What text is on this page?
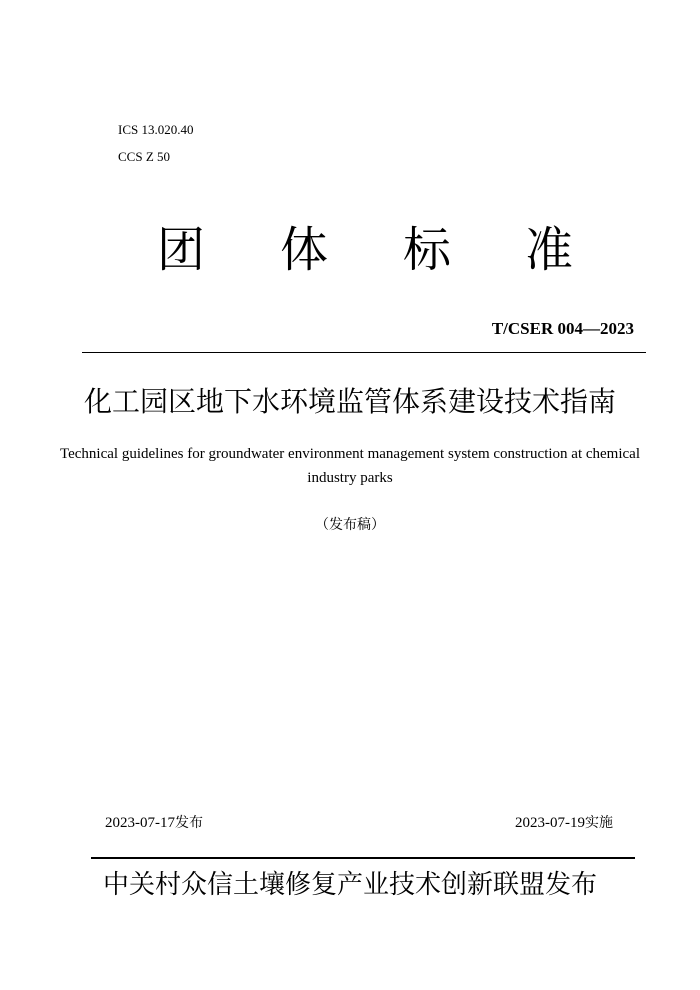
ICS 13.020.40
CCS Z 50
团 体 标 准
T/CSER 004—2023
化工园区地下水环境监管体系建设技术指南
Technical guidelines for groundwater environment management system construction at chemical industry parks
（发布稿）
2023-07-17发布	2023-07-19实施
中关村众信土壤修复产业技术创新联盟发布
